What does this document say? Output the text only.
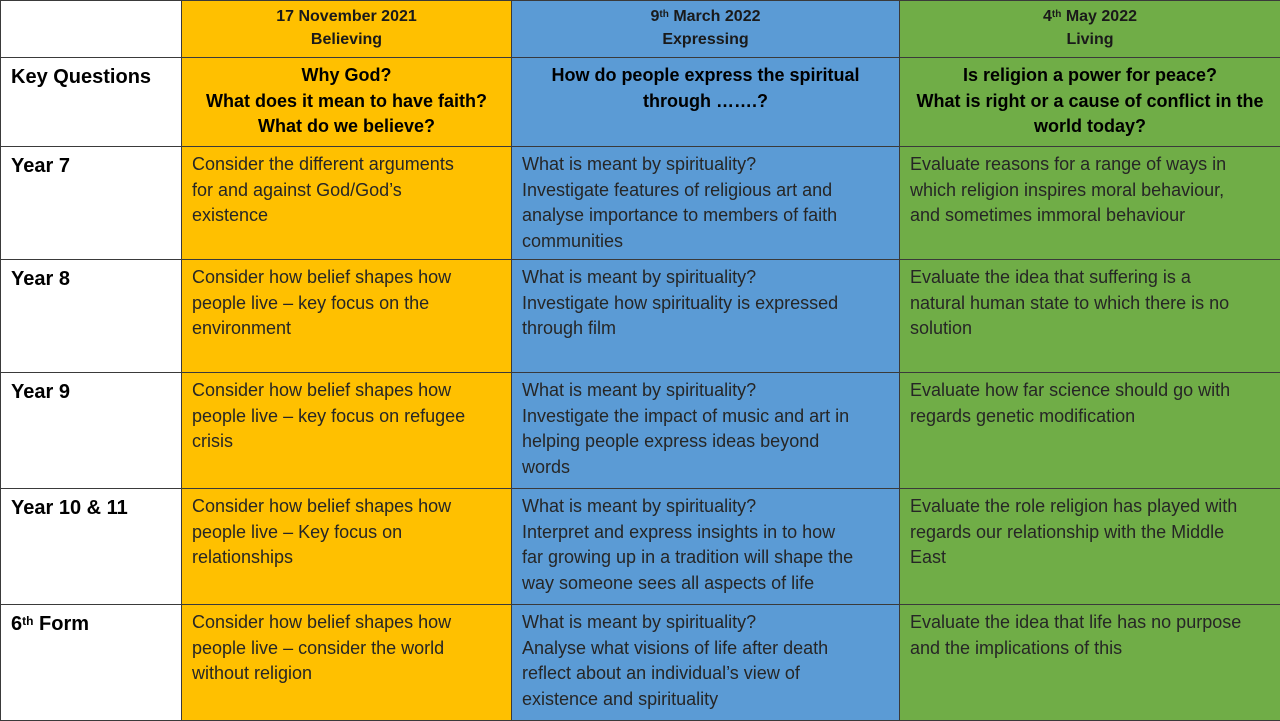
	17 November 2021
Believing	9th March 2022
Expressing	4th May 2022
Living

Key Questions	Why God?
What does it mean to have faith?
What do we believe?	How do people express the spiritual
through …….?	Is religion a power for peace?
What is right or a cause of conflict in the
world today?

Year 7	Consider the different arguments
for and against God/God’s
existence	What is meant by spirituality?
Investigate features of religious art and
analyse importance to members of faith
communities	Evaluate reasons for a range of ways in
which religion inspires moral behaviour,
and sometimes immoral behaviour

Year 8	Consider how belief shapes how
people live – key focus on the
environment	What is meant by spirituality?
Investigate how spirituality is expressed
through film	Evaluate the idea that suffering is a
natural human state to which there is no
solution

Year 9	Consider how belief shapes how
people live – key focus on refugee
crisis	What is meant by spirituality?
Investigate the impact of music and art in
helping people express ideas beyond
words	Evaluate how far science should go with
regards genetic modification

Year 10 & 11	Consider how belief shapes how
people live – Key focus on
relationships	What is meant by spirituality?
Interpret and express insights in to how
far growing up in a tradition will shape the
way someone sees all aspects of life	Evaluate the role religion has played with
regards our relationship with the Middle
East

6th Form	Consider how belief shapes how
people live – consider the world
without religion	What is meant by spirituality?
Analyse what visions of life after death
reflect about an individual’s view of
existence and spirituality	Evaluate the idea that life has no purpose
and the implications of this
